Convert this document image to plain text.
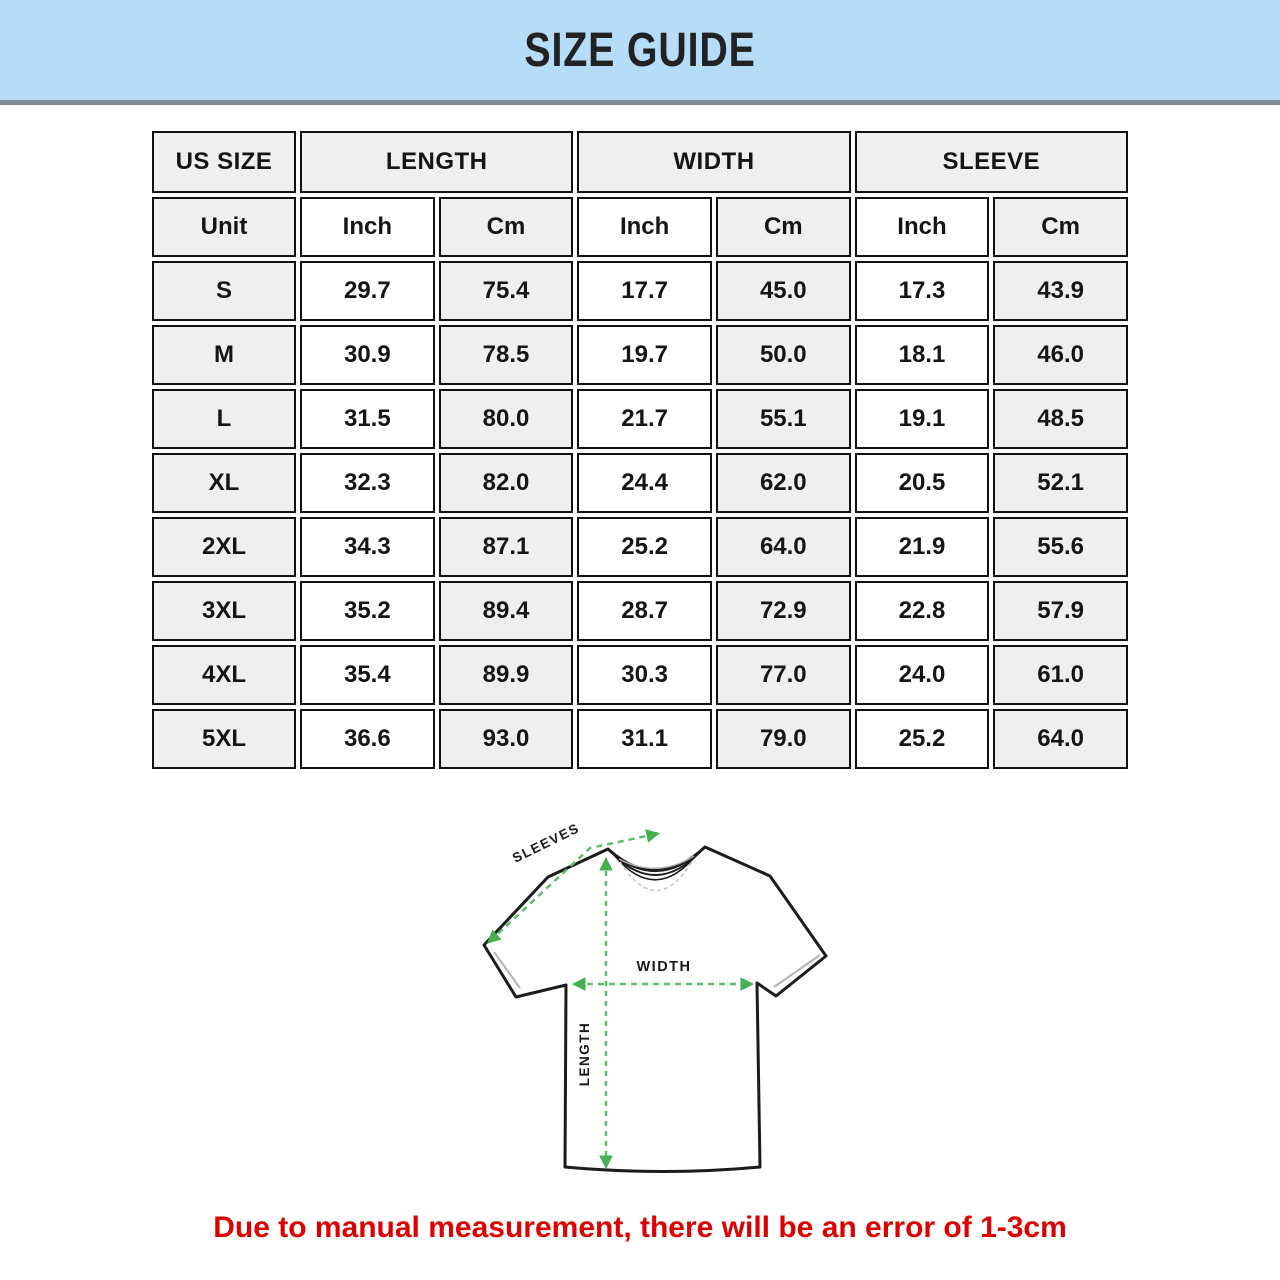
SIZE GUIDE
US SIZE	LENGTH		WIDTH		SLEEVE	
Unit	Inch	Cm	Inch	Cm	Inch	Cm
S	29.7	75.4	17.7	45.0	17.3	43.9
M	30.9	78.5	19.7	50.0	18.1	46.0
L	31.5	80.0	21.7	55.1	19.1	48.5
XL	32.3	82.0	24.4	62.0	20.5	52.1
2XL	34.3	87.1	25.2	64.0	21.9	55.6
3XL	35.2	89.4	28.7	72.9	22.8	57.9
4XL	35.4	89.9	30.3	77.0	24.0	61.0
5XL	36.6	93.0	31.1	79.0	25.2	64.0
SLEEVES
WIDTH
LENGTH
Due to manual measurement, there will be an error of 1-3cm
